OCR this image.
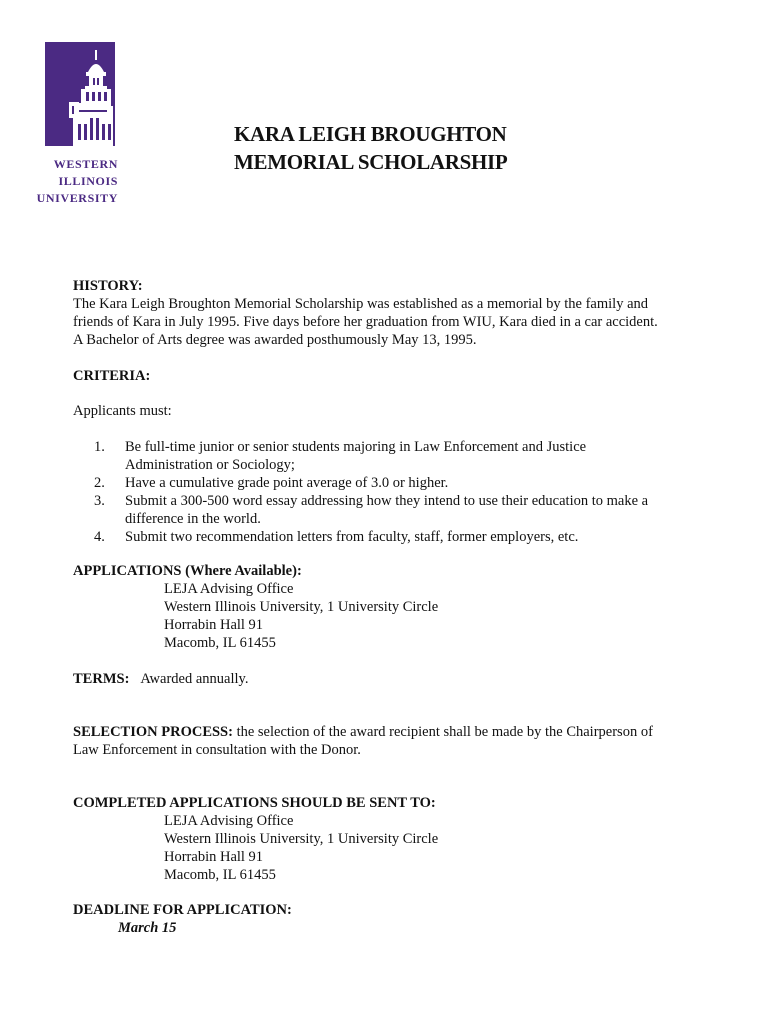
WESTERN
ILLINOIS
UNIVERSITY
KARA LEIGH BROUGHTON
MEMORIAL SCHOLARSHIP
HISTORY:
The Kara Leigh Broughton Memorial Scholarship was established as a memorial by the family and
friends of Kara in July 1995. Five days before her graduation from WIU, Kara died in a car accident.
A Bachelor of Arts degree was awarded posthumously May 13, 1995.
CRITERIA:
Applicants must:
1. Be full-time junior or senior students majoring in Law Enforcement and Justice
Administration or Sociology;
2. Have a cumulative grade point average of 3.0 or higher.
3. Submit a 300-500 word essay addressing how they intend to use their education to make a
difference in the world.
4. Submit two recommendation letters from faculty, staff, former employers, etc.
APPLICATIONS (Where Available):
LEJA Advising Office
Western Illinois University, 1 University Circle
Horrabin Hall 91
Macomb, IL 61455
TERMS: Awarded annually.
SELECTION PROCESS: the selection of the award recipient shall be made by the Chairperson of
Law Enforcement in consultation with the Donor.
COMPLETED APPLICATIONS SHOULD BE SENT TO:
LEJA Advising Office
Western Illinois University, 1 University Circle
Horrabin Hall 91
Macomb, IL 61455
DEADLINE FOR APPLICATION:
March 15
